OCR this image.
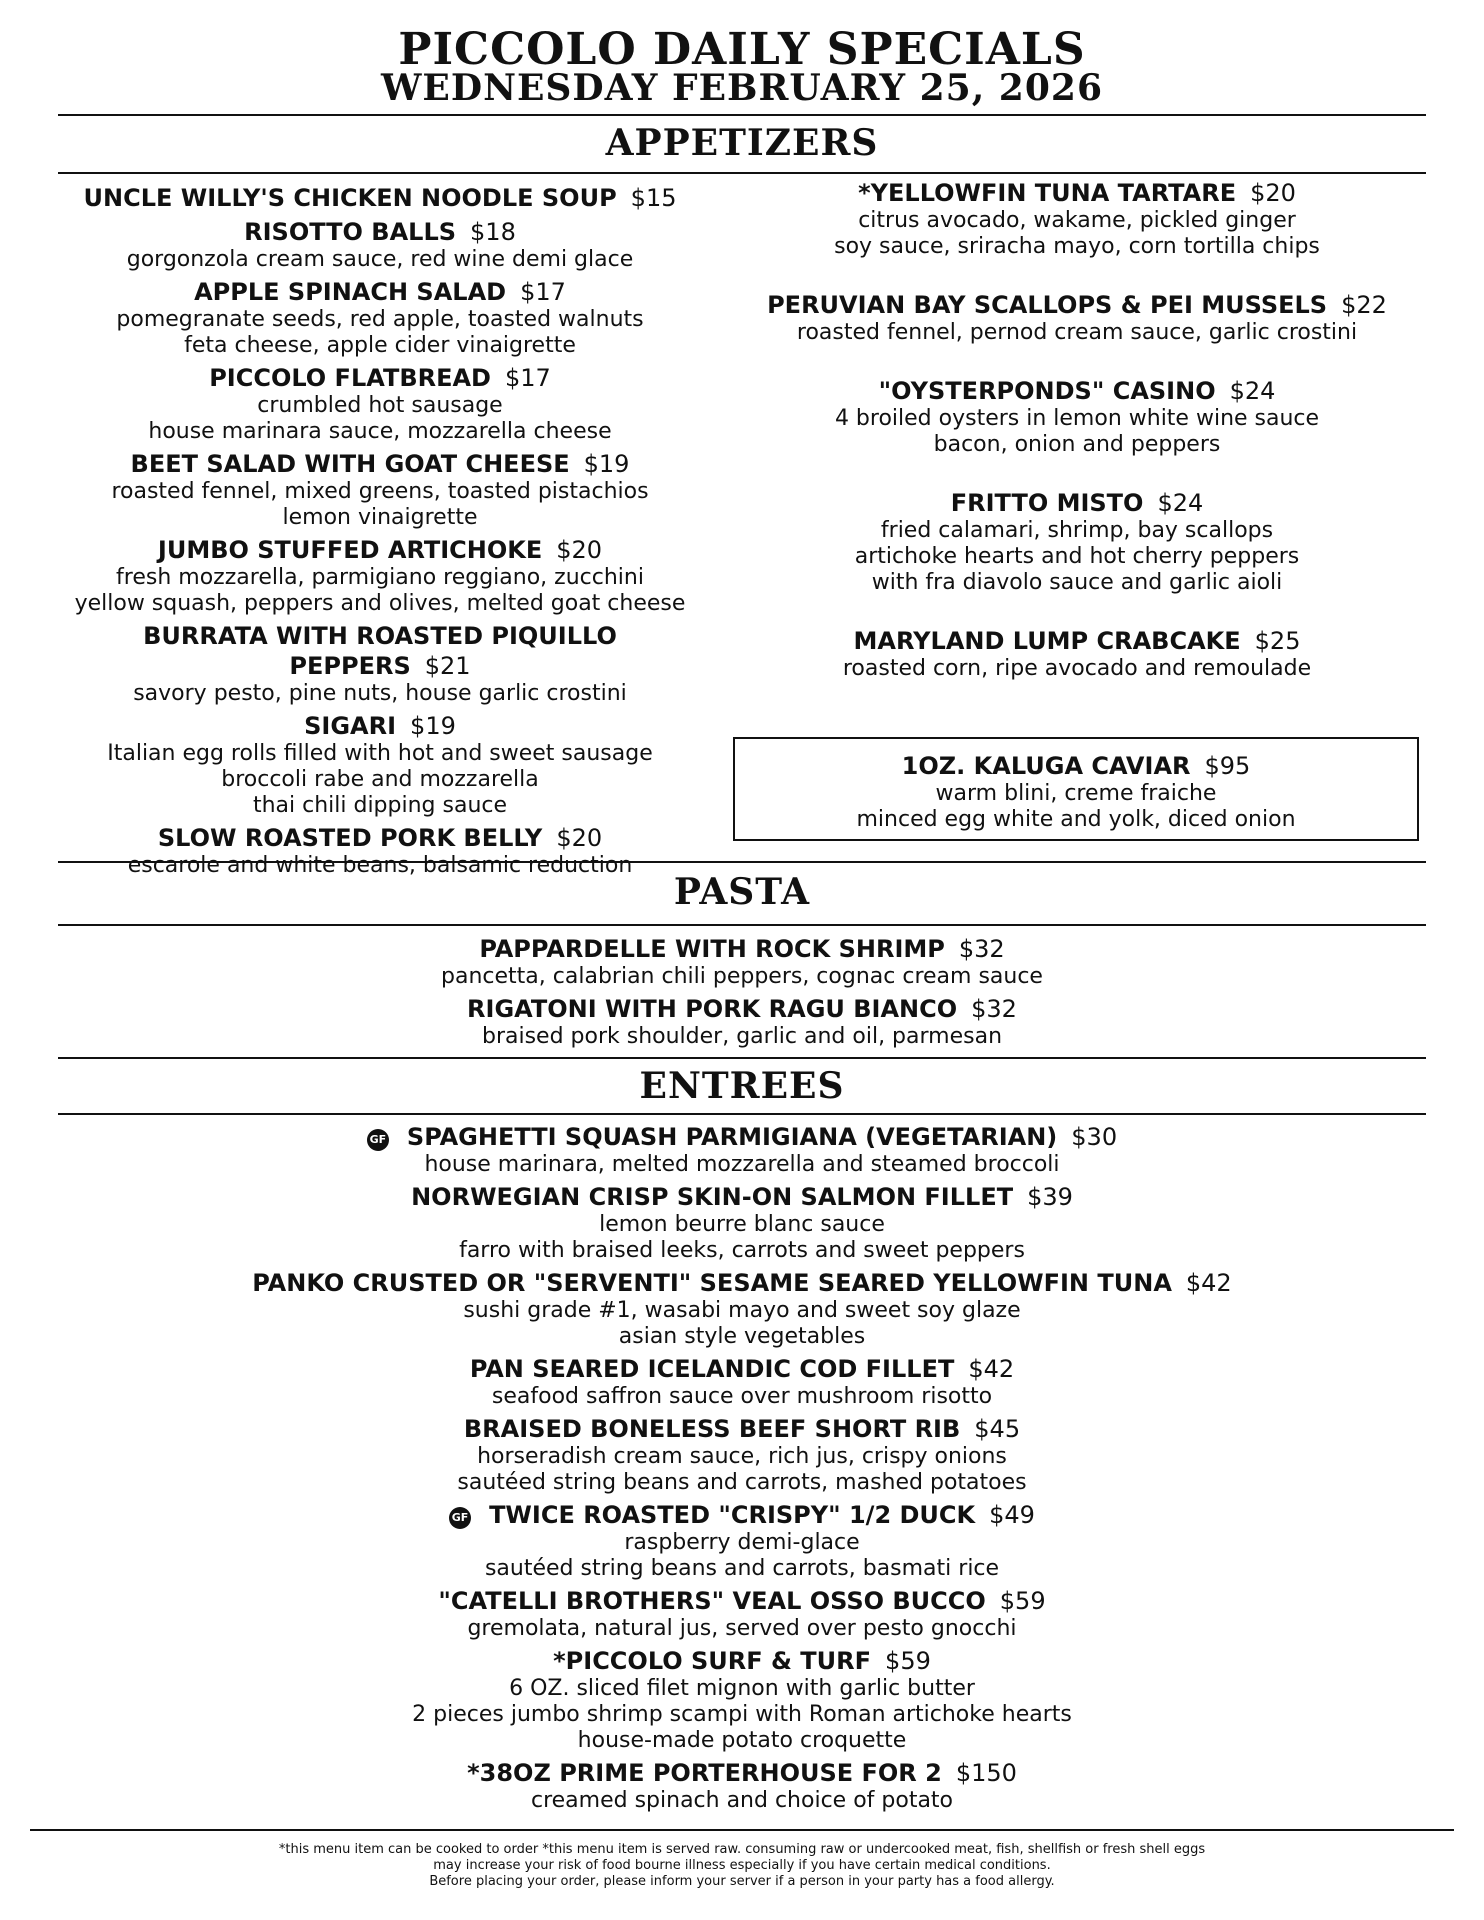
PICCOLO DAILY SPECIALS
WEDNESDAY FEBRUARY 25, 2026
APPETIZERS
UNCLE WILLY'S CHICKEN NOODLE SOUP $15
RISOTTO BALLS $18
gorgonzola cream sauce, red wine demi glace
APPLE SPINACH SALAD $17
pomegranate seeds, red apple, toasted walnuts
feta cheese, apple cider vinaigrette
PICCOLO FLATBREAD $17
crumbled hot sausage
house marinara sauce, mozzarella cheese
BEET SALAD WITH GOAT CHEESE $19
roasted fennel, mixed greens, toasted pistachios
lemon vinaigrette
JUMBO STUFFED ARTICHOKE $20
fresh mozzarella, parmigiano reggiano, zucchini
yellow squash, peppers and olives, melted goat cheese
BURRATA WITH ROASTED PIQUILLO PEPPERS $21
savory pesto, pine nuts, house garlic crostini
SIGARI $19
Italian egg rolls filled with hot and sweet sausage
broccoli rabe and mozzarella
thai chili dipping sauce
SLOW ROASTED PORK BELLY $20
escarole and white beans, balsamic reduction
*YELLOWFIN TUNA TARTARE $20
citrus avocado, wakame, pickled ginger
soy sauce, sriracha mayo, corn tortilla chips
PERUVIAN BAY SCALLOPS & PEI MUSSELS $22
roasted fennel, pernod cream sauce, garlic crostini
"OYSTERPONDS" CASINO $24
4 broiled oysters in lemon white wine sauce
bacon, onion and peppers
FRITTO MISTO $24
fried calamari, shrimp, bay scallops
artichoke hearts and hot cherry peppers
with fra diavolo sauce and garlic aioli
MARYLAND LUMP CRABCAKE $25
roasted corn, ripe avocado and remoulade
1OZ. KALUGA CAVIAR $95
warm blini, creme fraiche
minced egg white and yolk, diced onion
PASTA
PAPPARDELLE WITH ROCK SHRIMP $32
pancetta, calabrian chili peppers, cognac cream sauce
RIGATONI WITH PORK RAGU BIANCO $32
braised pork shoulder, garlic and oil, parmesan
ENTREES
GF SPAGHETTI SQUASH PARMIGIANA (VEGETARIAN) $30
house marinara, melted mozzarella and steamed broccoli
NORWEGIAN CRISP SKIN-ON SALMON FILLET $39
lemon beurre blanc sauce
farro with braised leeks, carrots and sweet peppers
PANKO CRUSTED OR "SERVENTI" SESAME SEARED YELLOWFIN TUNA $42
sushi grade #1, wasabi mayo and sweet soy glaze
asian style vegetables
PAN SEARED ICELANDIC COD FILLET $42
seafood saffron sauce over mushroom risotto
BRAISED BONELESS BEEF SHORT RIB $45
horseradish cream sauce, rich jus, crispy onions
sautéed string beans and carrots, mashed potatoes
GF TWICE ROASTED "CRISPY" 1/2 DUCK $49
raspberry demi-glace
sautéed string beans and carrots, basmati rice
"CATELLI BROTHERS" VEAL OSSO BUCCO $59
gremolata, natural jus, served over pesto gnocchi
*PICCOLO SURF & TURF $59
6 OZ. sliced filet mignon with garlic butter
2 pieces jumbo shrimp scampi with Roman artichoke hearts
house-made potato croquette
*38OZ PRIME PORTERHOUSE FOR 2 $150
creamed spinach and choice of potato
*this menu item can be cooked to order *this menu item is served raw. consuming raw or undercooked meat, fish, shellfish or fresh shell eggs
may increase your risk of food bourne illness especially if you have certain medical conditions.
Before placing your order, please inform your server if a person in your party has a food allergy.
